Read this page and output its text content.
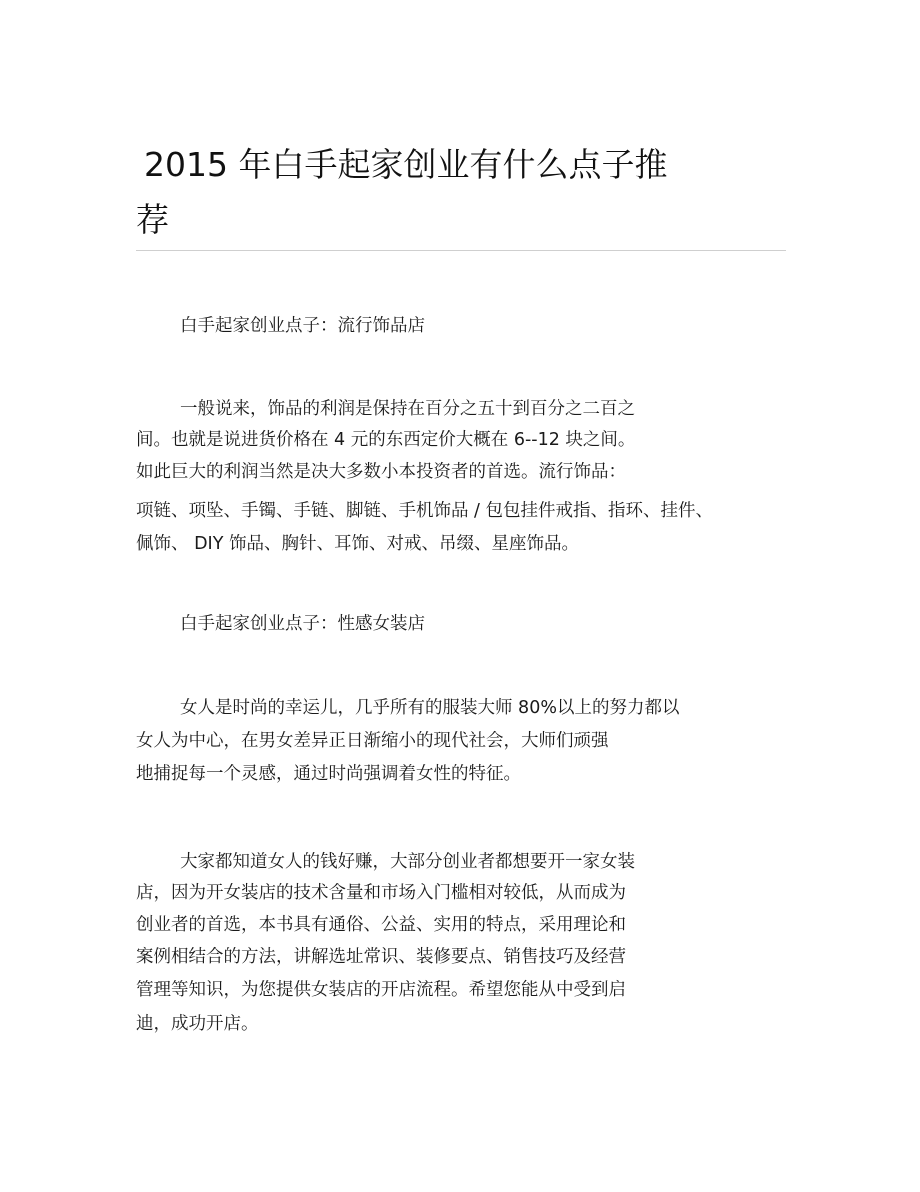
2015 年白手起家创业有什么点子推
荐
白手起家创业点子：流行饰品店
一般说来，饰品的利润是保持在百分之五十到百分之二百之
间。也就是说进货价格在 4 元的东西定价大概在 6--12 块之间。
如此巨大的利润当然是决大多数小本投资者的首选。流行饰品：
项链、项坠、手镯、手链、脚链、手机饰品 / 包包挂件戒指、指环、挂件、
佩饰、 DIY 饰品、胸针、耳饰、对戒、吊缀、星座饰品。
白手起家创业点子：性感女装店
女人是时尚的幸运儿，几乎所有的服装大师 80%以上的努力都以
女人为中心，在男女差异正日渐缩小的现代社会，大师们顽强
地捕捉每一个灵感，通过时尚强调着女性的特征。
大家都知道女人的钱好赚，大部分创业者都想要开一家女装
店，因为开女装店的技术含量和市场入门槛相对较低，从而成为
创业者的首选，本书具有通俗、公益、实用的特点，采用理论和
案例相结合的方法，讲解选址常识、装修要点、销售技巧及经营
管理等知识，为您提供女装店的开店流程。希望您能从中受到启
迪，成功开店。
